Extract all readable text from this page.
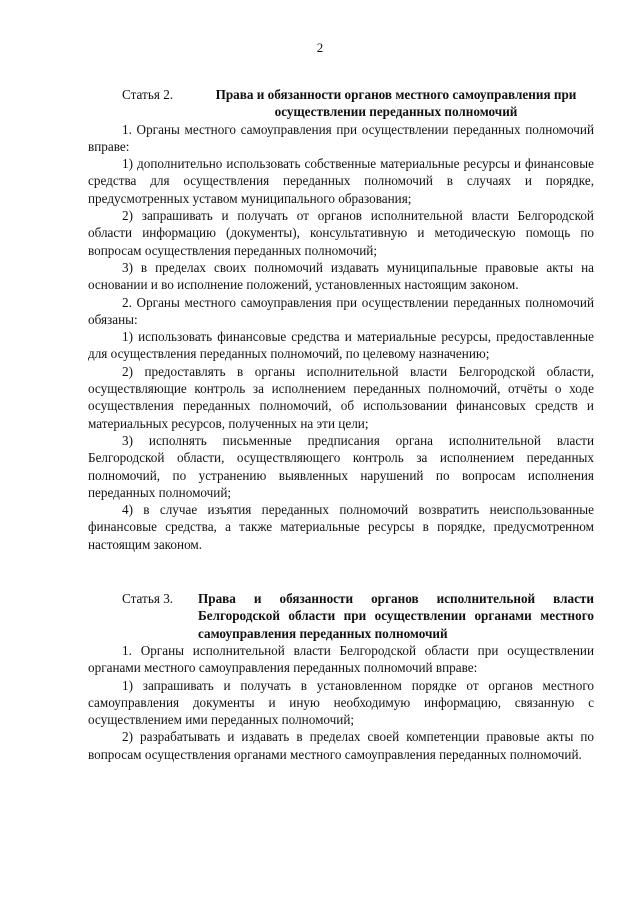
2
Статья 2.	Права и обязанности органов местного самоуправления при осуществлении переданных полномочий

1. Органы местного самоуправления при осуществлении переданных полномочий вправе:

1) дополнительно использовать собственные материальные ресурсы и финансовые средства для осуществления переданных полномочий в случаях и порядке, предусмотренных уставом муниципального образования;

2) запрашивать и получать от органов исполнительной власти Белгородской области информацию (документы), консультативную и методическую помощь по вопросам осуществления переданных полномочий;

3) в пределах своих полномочий издавать муниципальные правовые акты на основании и во исполнение положений, установленных настоящим законом.

2. Органы местного самоуправления при осуществлении переданных полномочий обязаны:

1) использовать финансовые средства и материальные ресурсы, предоставленные для осуществления переданных полномочий, по целевому назначению;

2) предоставлять в органы исполнительной власти Белгородской области, осуществляющие контроль за исполнением переданных полномочий, отчёты о ходе осуществления переданных полномочий, об использовании финансовых средств и материальных ресурсов, полученных на эти цели;

3) исполнять письменные предписания органа исполнительной власти Белгородской области, осуществляющего контроль за исполнением переданных полномочий, по устранению выявленных нарушений по вопросам исполнения переданных полномочий;

4) в случае изъятия переданных полномочий возвратить неиспользованные финансовые средства, а также материальные ресурсы в порядке, предусмотренном настоящим законом.

Статья 3.	Права и обязанности органов исполнительной власти Белгородской области при осуществлении органами местного самоуправления переданных полномочий

1. Органы исполнительной власти Белгородской области при осуществлении органами местного самоуправления переданных полномочий вправе:

1) запрашивать и получать в установленном порядке от органов местного самоуправления документы и иную необходимую информацию, связанную с осуществлением ими переданных полномочий;

2) разрабатывать и издавать в пределах своей компетенции правовые акты по вопросам осуществления органами местного самоуправления переданных полномочий.
